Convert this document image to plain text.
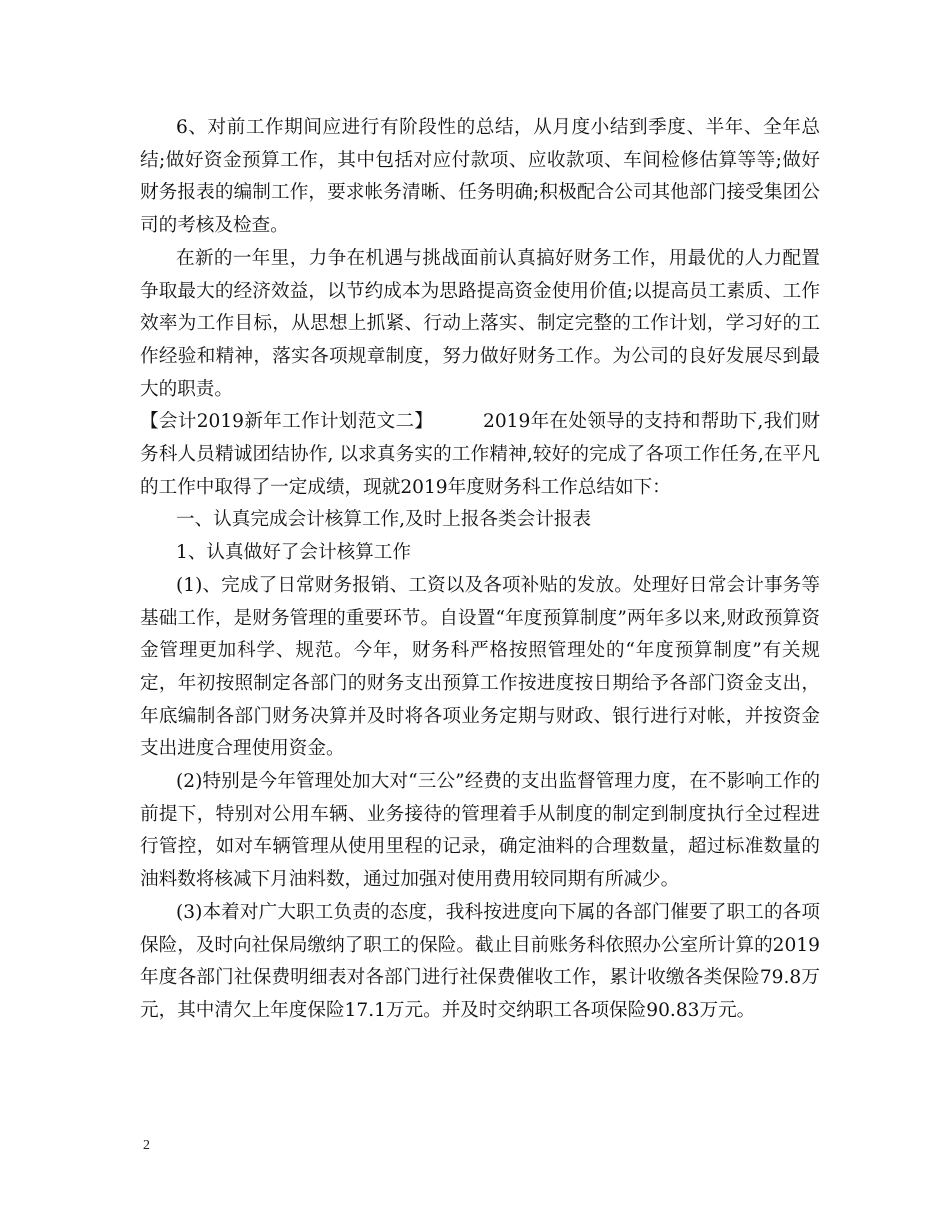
6、对前工作期间应进行有阶段性的总结，从月度小结到季度、半年、全年总结;做好资金预算工作，其中包括对应付款项、应收款项、车间检修估算等等;做好财务报表的编制工作，要求帐务清晰、任务明确;积极配合公司其他部门接受集团公司的考核及检查。

在新的一年里，力争在机遇与挑战面前认真搞好财务工作，用最优的人力配置争取最大的经济效益，以节约成本为思路提高资金使用价值;以提高员工素质、工作效率为工作目标，从思想上抓紧、行动上落实、制定完整的工作计划，学习好的工作经验和精神，落实各项规章制度，努力做好财务工作。为公司的良好发展尽到最大的职责。

【会计2019新年工作计划范文二】	2019年在处领导的支持和帮助下,我们财务科人员精诚团结协作, 以求真务实的工作精神,较好的完成了各项工作任务,在平凡的工作中取得了一定成绩，现就2019年度财务科工作总结如下：

一、认真完成会计核算工作,及时上报各类会计报表

1、认真做好了会计核算工作

(1)、完成了日常财务报销、工资以及各项补贴的发放。处理好日常会计事务等基础工作，是财务管理的重要环节。自设置“年度预算制度”两年多以来,财政预算资金管理更加科学、规范。今年，财务科严格按照管理处的“年度预算制度”有关规定，年初按照制定各部门的财务支出预算工作按进度按日期给予各部门资金支出，年底编制各部门财务决算并及时将各项业务定期与财政、银行进行对帐，并按资金支出进度合理使用资金。

(2)特别是今年管理处加大对“三公”经费的支出监督管理力度，在不影响工作的前提下，特别对公用车辆、业务接待的管理着手从制度的制定到制度执行全过程进行管控，如对车辆管理从使用里程的记录，确定油料的合理数量，超过标准数量的油料数将核减下月油料数，通过加强对使用费用较同期有所减少。

(3)本着对广大职工负责的态度，我科按进度向下属的各部门催要了职工的各项保险，及时向社保局缴纳了职工的保险。截止目前账务科依照办公室所计算的2019年度各部门社保费明细表对各部门进行社保费催收工作，累计收缴各类保险79.8万元，其中清欠上年度保险17.1万元。并及时交纳职工各项保险90.83万元。

2
